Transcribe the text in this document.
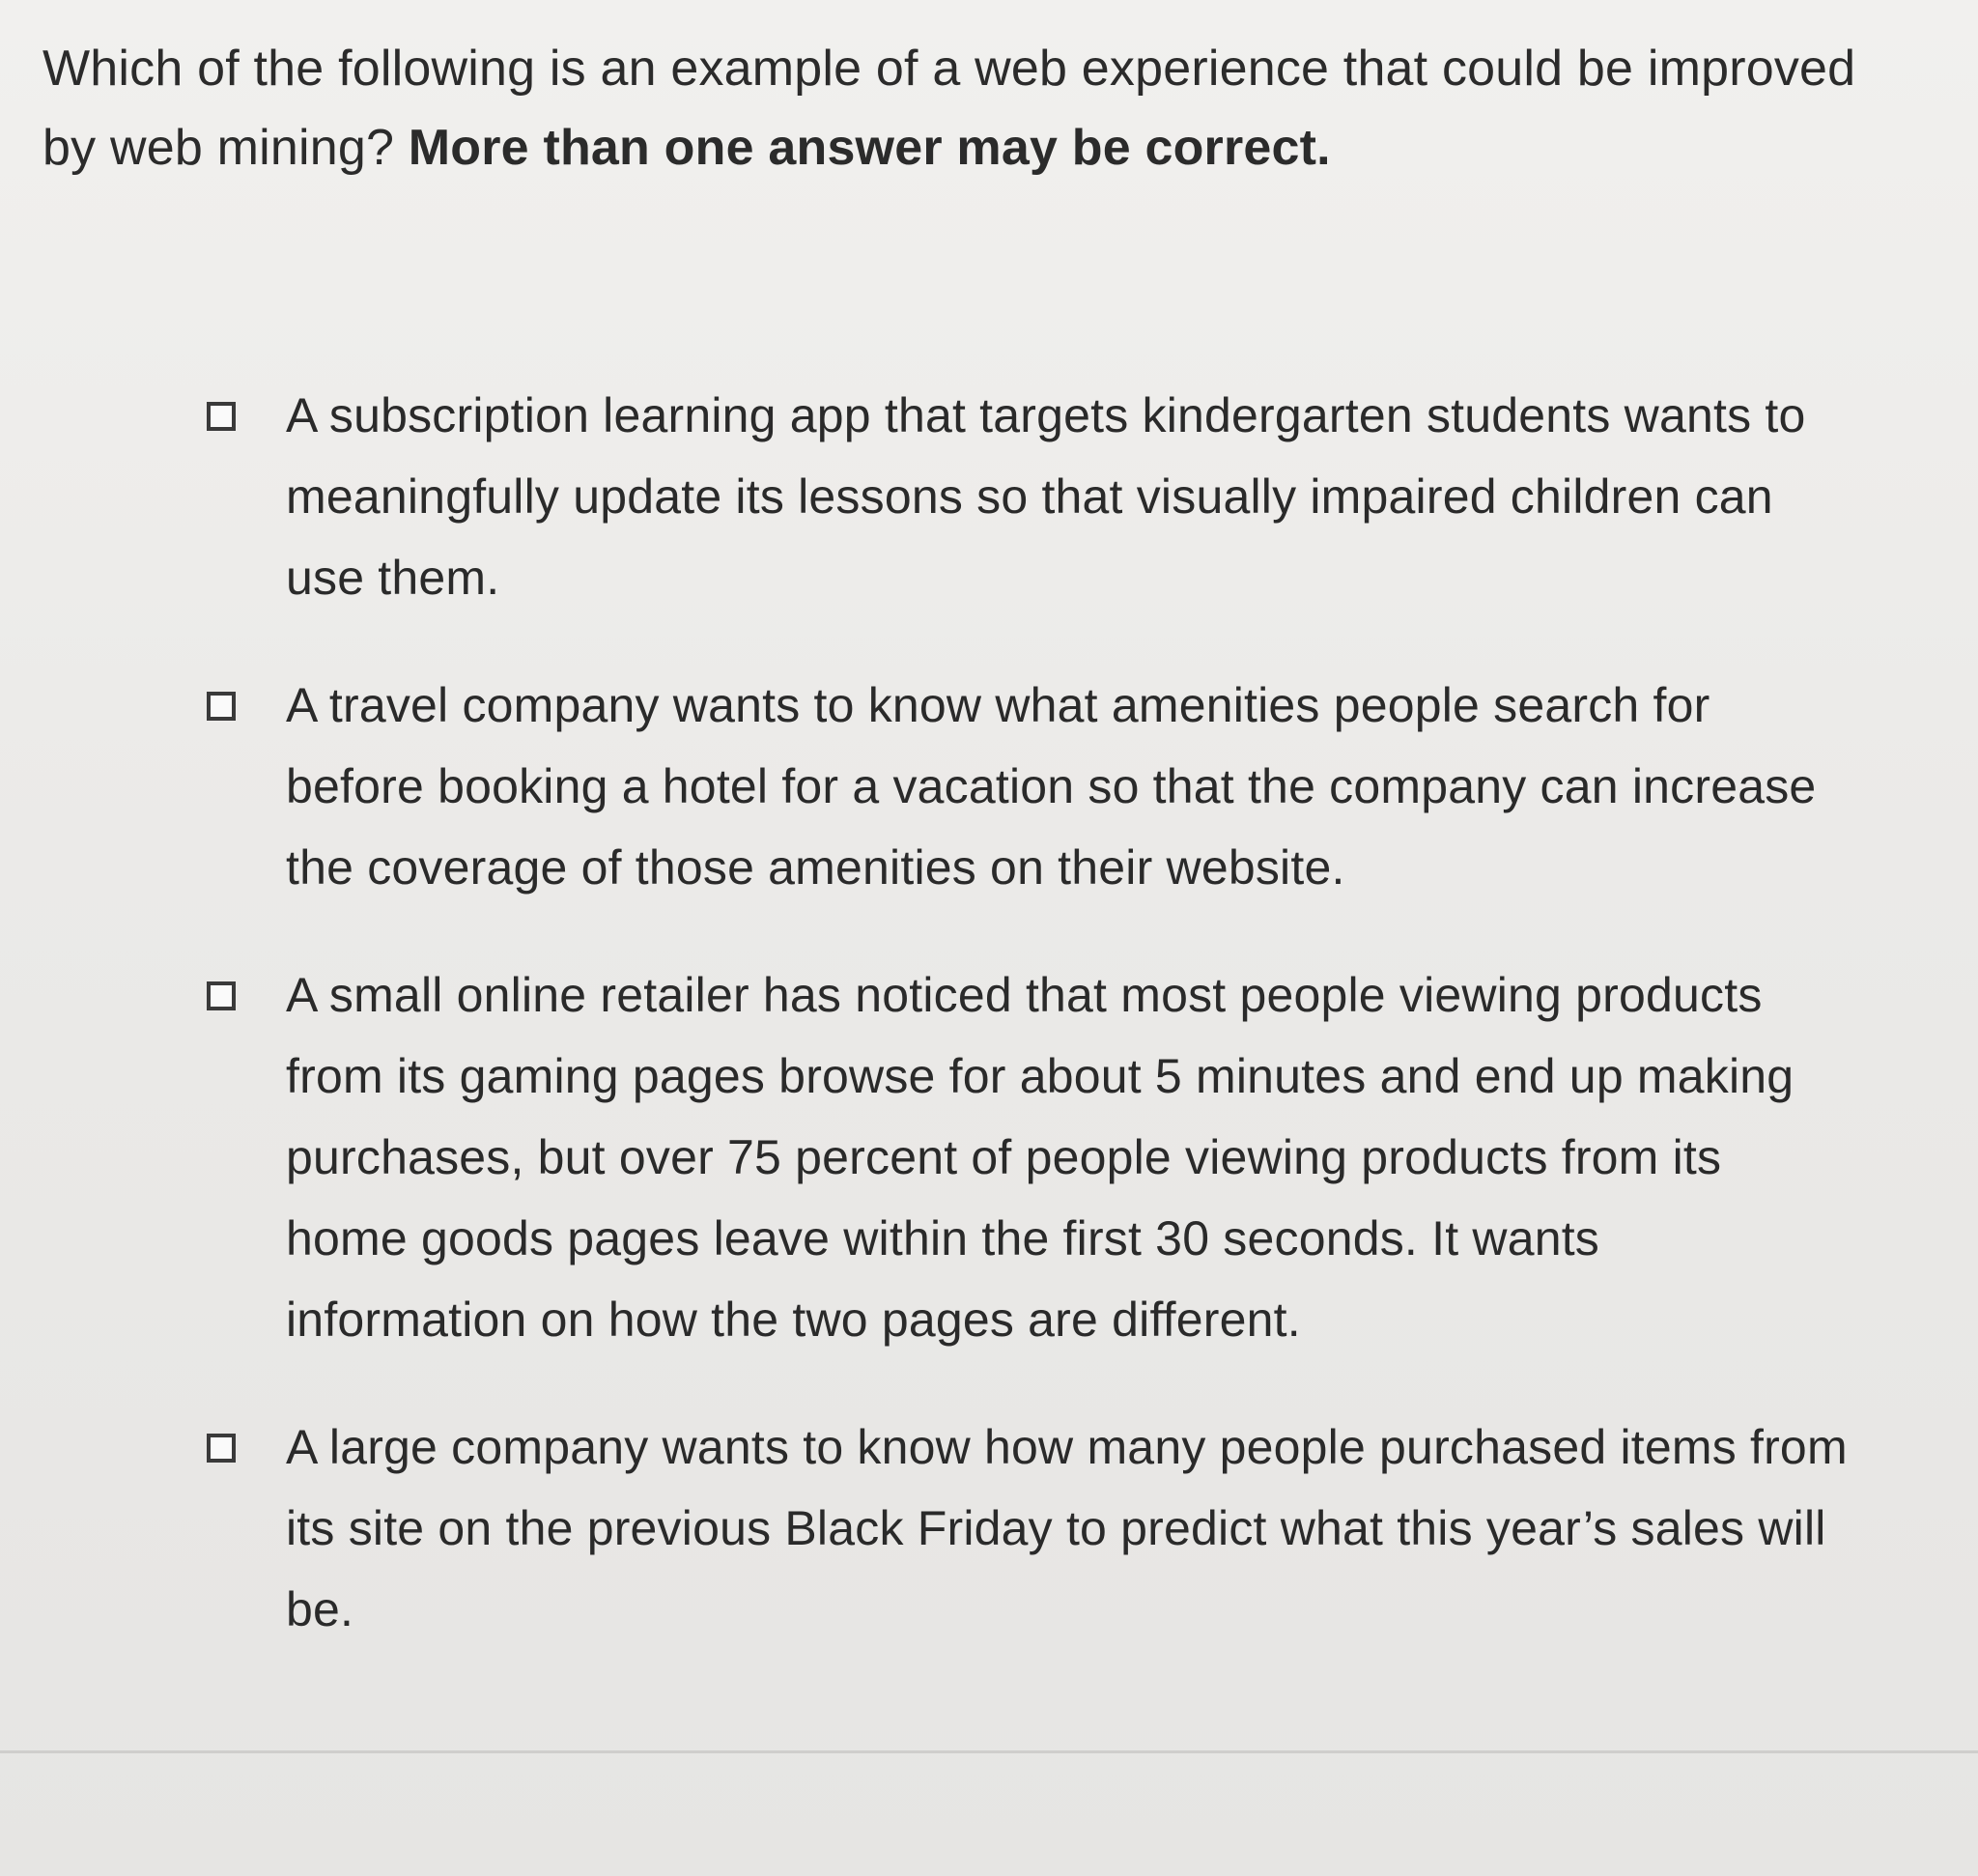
Which of the following is an example of a web experience that could be improved by web mining? More than one answer may be correct.
A subscription learning app that targets kindergarten students wants to meaningfully update its lessons so that visually impaired children can use them.
A travel company wants to know what amenities people search for before booking a hotel for a vacation so that the company can increase the coverage of those amenities on their website.
A small online retailer has noticed that most people viewing products from its gaming pages browse for about 5 minutes and end up making purchases, but over 75 percent of people viewing products from its home goods pages leave within the first 30 seconds. It wants information on how the two pages are different.
A large company wants to know how many people purchased items from its site on the previous Black Friday to predict what this year’s sales will be.
